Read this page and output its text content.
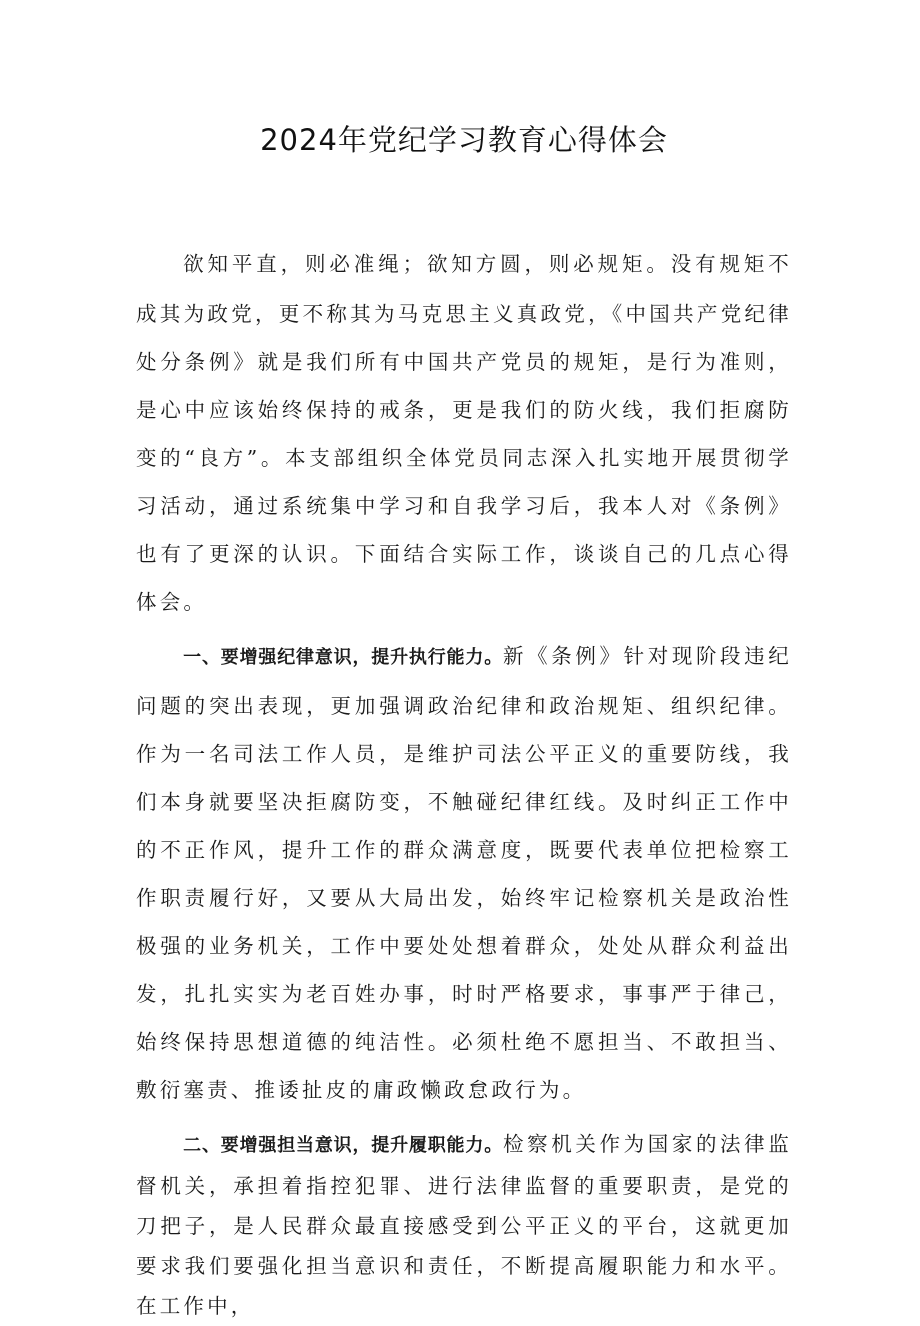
2024年党纪学习教育心得体会

欲知平直，则必准绳；欲知方圆，则必规矩。没有规矩不成其为政党，更不称其为马克思主义真政党，《中国共产党纪律处分条例》就是我们所有中国共产党员的规矩，是行为准则，是心中应该始终保持的戒条，更是我们的防火线，我们拒腐防变的“良方”。本支部组织全体党员同志深入扎实地开展贯彻学习活动，通过系统集中学习和自我学习后，我本人对《条例》也有了更深的认识。下面结合实际工作，谈谈自己的几点心得体会。

一、要增强纪律意识，提升执行能力。新《条例》针对现阶段违纪问题的突出表现，更加强调政治纪律和政治规矩、组织纪律。作为一名司法工作人员，是维护司法公平正义的重要防线，我们本身就要坚决拒腐防变，不触碰纪律红线。及时纠正工作中的不正作风，提升工作的群众满意度，既要代表单位把检察工作职责履行好，又要从大局出发，始终牢记检察机关是政治性极强的业务机关，工作中要处处想着群众，处处从群众利益出发，扎扎实实为老百姓办事，时时严格要求，事事严于律己，始终保持思想道德的纯洁性。必须杜绝不愿担当、不敢担当、敷衍塞责、推诿扯皮的庸政懒政怠政行为。

二、要增强担当意识，提升履职能力。检察机关作为国家的法律监督机关，承担着指控犯罪、进行法律监督的重要职责，是党的刀把子，是人民群众最直接感受到公平正义的平台，这就更加要求我们要强化担当意识和责任，不断提高履职能力和水平。在工作中，
